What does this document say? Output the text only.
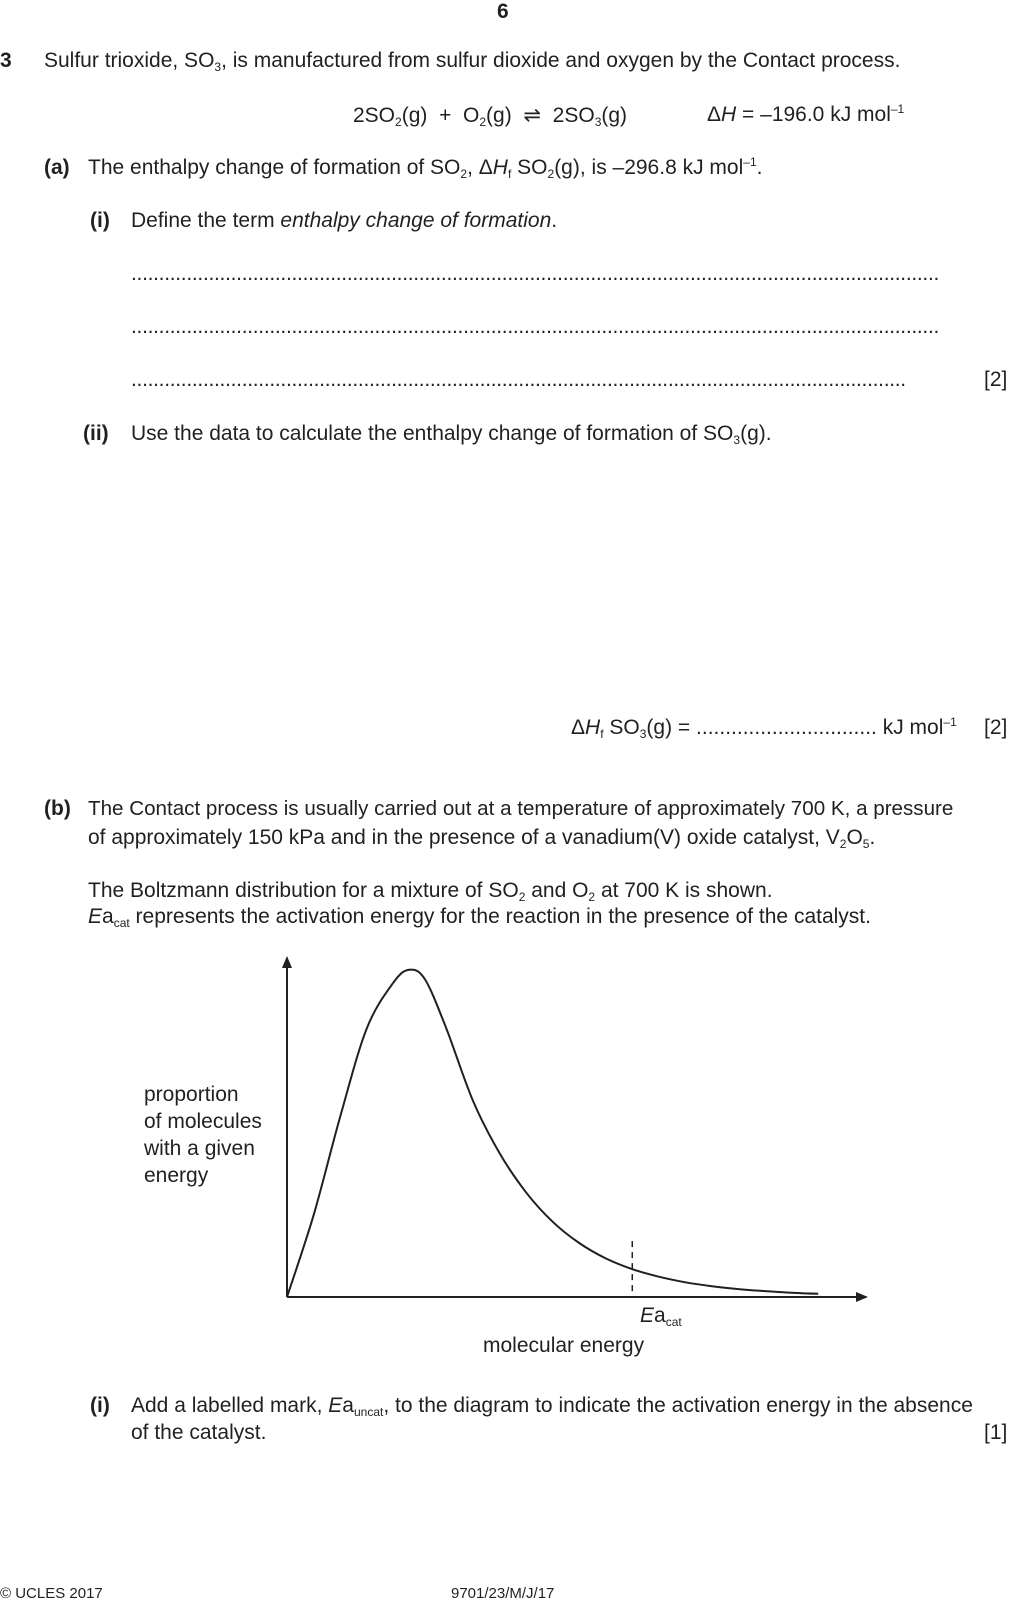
6
3 Sulfur trioxide, $SO_3$, is manufactured from sulfur dioxide and oxygen by the Contact process.
$2SO_2(g) + O_2(g)$ ⇌ $2SO_3(g)$	ΔH = –196.0 kJ mol$^{-1}$
(a) The enthalpy change of formation of $SO_2$, $\Delta H_f$ $SO_2(g)$, is –296.8 kJ mol$^{-1}$.
(i) Define the term enthalpy change of formation.
..................................................................................................................................................
..................................................................................................................................................
............................................................................................................................................	[2]
(ii) Use the data to calculate the enthalpy change of formation of $SO_3(g)$.
$\Delta H_f$ $SO_3(g)$ = ............................... kJ mol$^{-1}$ [2]
(b) The Contact process is usually carried out at a temperature of approximately 700 K, a pressure
of approximately 150 kPa and in the presence of a vanadium(V) oxide catalyst, $V_2O_5$.
The Boltzmann distribution for a mixture of $SO_2$ and $O_2$ at 700 K is shown.
$Ea_{cat}$ represents the activation energy for the reaction in the presence of the catalyst.
proportion
of molecules
with a given
energy
$Ea_{cat}$
molecular energy
(i) Add a labelled mark, $Ea_{uncat}$, to the diagram to indicate the activation energy in the absence
of the catalyst.	[1]
© UCLES 2017	9701/23/M/J/17
